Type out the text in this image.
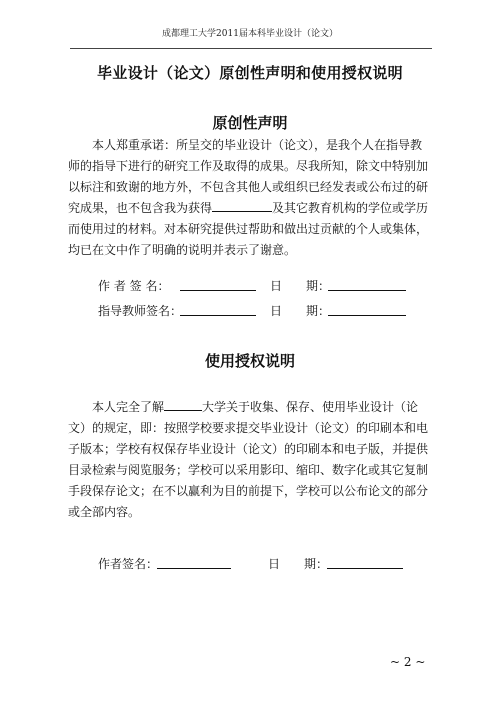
成都理工大学2011届本科毕业设计（论文）
毕业设计（论文）原创性声明和使用授权说明
原创性声明
本人郑重承诺：所呈交的毕业设计（论文），是我个人在指导教
师的指导下进行的研究工作及取得的成果。尽我所知，除文中特别加
以标注和致谢的地方外，不包含其他人或组织已经发表或公布过的研
究成果，也不包含我为获得	及其它教育机构的学位或学历
而使用过的材料。对本研究提供过帮助和做出过贡献的个人或集体，
均已在文中作了明确的说明并表示了谢意。
作 者 签 名：	日　　期：
指导教师签名：	日　　期：
使用授权说明
本人完全了解	大学关于收集、保存、使用毕业设计（论
文）的规定，即：按照学校要求提交毕业设计（论文）的印刷本和电
子版本；学校有权保存毕业设计（论文）的印刷本和电子版，并提供
目录检索与阅览服务；学校可以采用影印、缩印、数字化或其它复制
手段保存论文；在不以赢利为目的前提下，学校可以公布论文的部分
或全部内容。
作者签名：	日　　期：
~ 2 ~
